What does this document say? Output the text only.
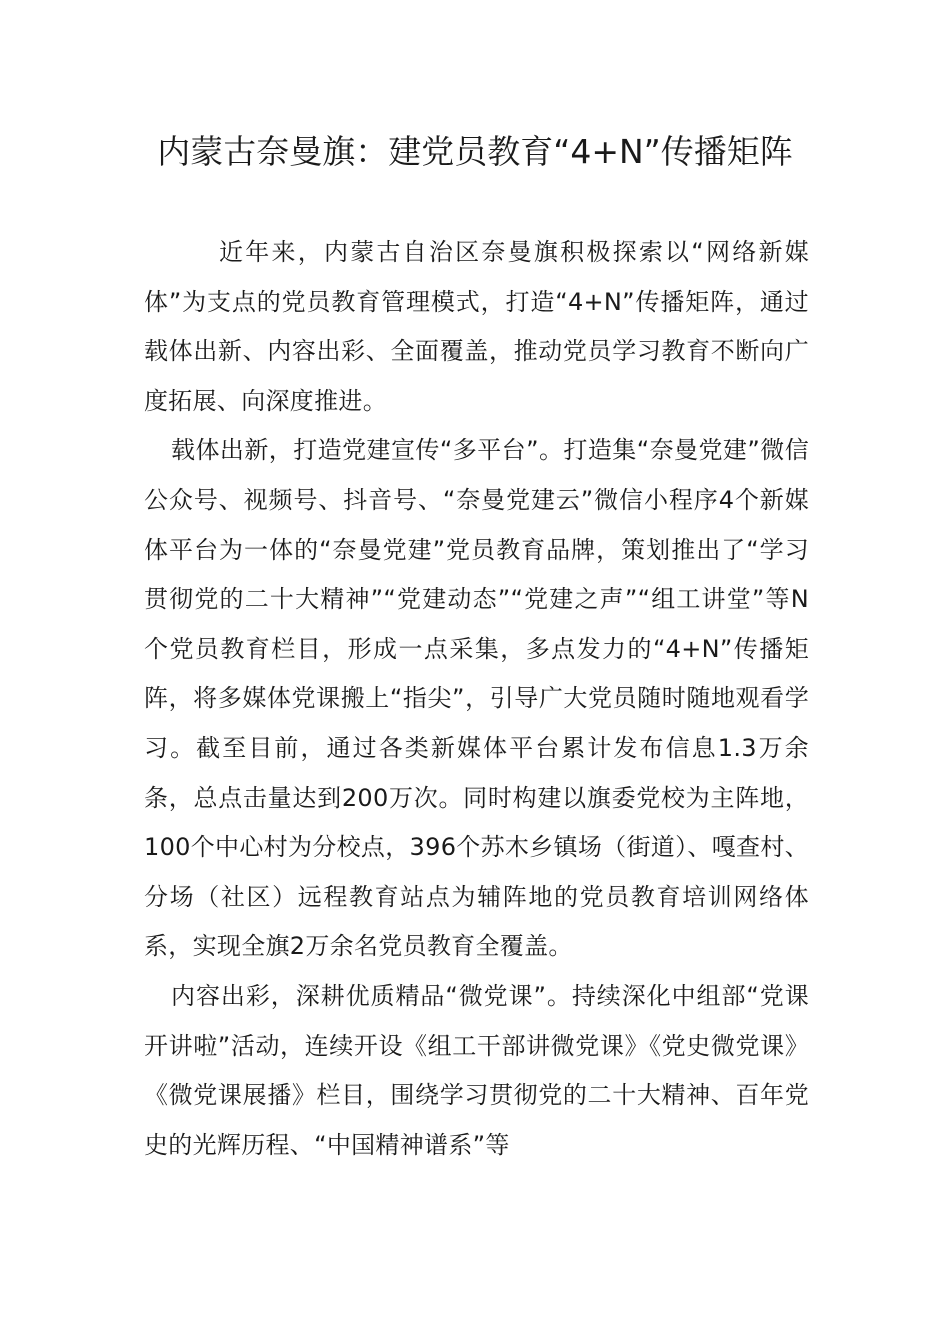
内蒙古奈曼旗：建党员教育“4+N”传播矩阵

近年来，内蒙古自治区奈曼旗积极探索以“网络新媒体”为支点的党员教育管理模式，打造“4+N”传播矩阵，通过载体出新、内容出彩、全面覆盖，推动党员学习教育不断向广度拓展、向深度推进。

载体出新，打造党建宣传“多平台”。打造集“奈曼党建”微信公众号、视频号、抖音号、“奈曼党建云”微信小程序4个新媒体平台为一体的“奈曼党建”党员教育品牌，策划推出了“学习贯彻党的二十大精神”“党建动态”“党建之声”“组工讲堂”等N个党员教育栏目，形成一点采集，多点发力的“4+N”传播矩阵，将多媒体党课搬上“指尖”，引导广大党员随时随地观看学习。截至目前，通过各类新媒体平台累计发布信息1.3万余条，总点击量达到200万次。同时构建以旗委党校为主阵地，100个中心村为分校点，396个苏木乡镇场（街道）、嘎查村、分场（社区）远程教育站点为辅阵地的党员教育培训网络体系，实现全旗2万余名党员教育全覆盖。

内容出彩，深耕优质精品“微党课”。持续深化中组部“党课开讲啦”活动，连续开设《组工干部讲微党课》《党史微党课》《微党课展播》栏目，围绕学习贯彻党的二十大精神、百年党史的光辉历程、“中国精神谱系”等
